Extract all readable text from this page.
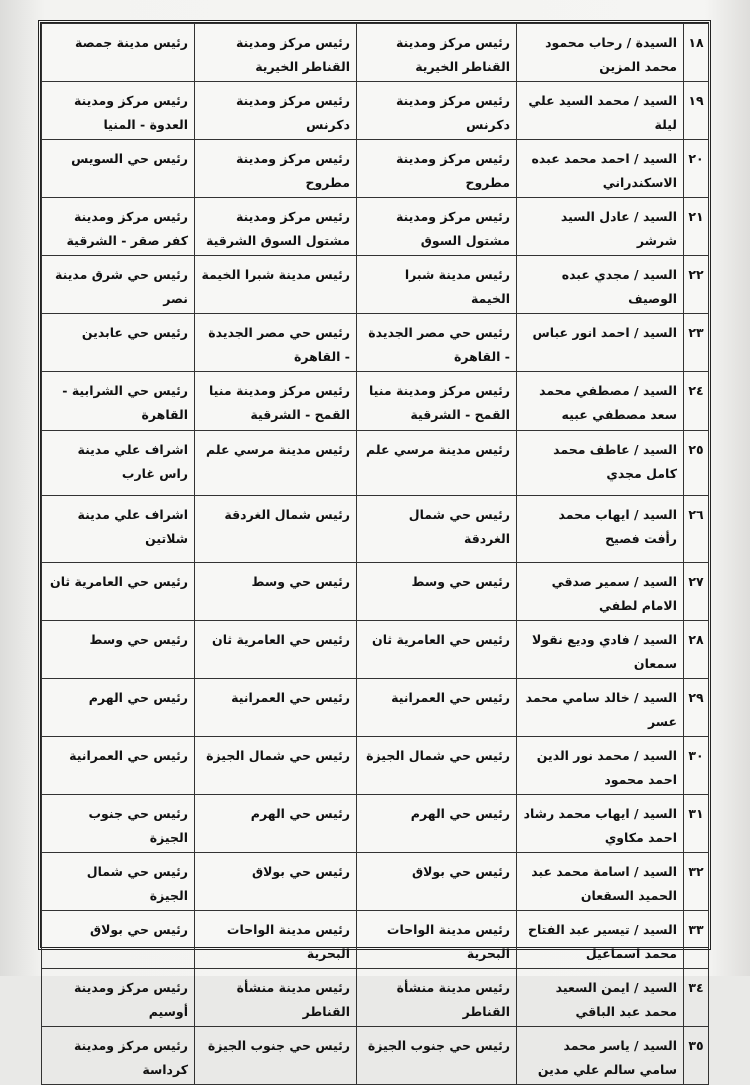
١٨	السيدة / رحاب محمود محمد المزين	رئيس مركز ومدينة القناطر الخيرية	رئيس مركز ومدينة القناطر الخيرية	رئيس مدينة جمصة
١٩	السيد / محمد السيد علي ليلة	رئيس مركز ومدينة دكرنس	رئيس مركز ومدينة دكرنس	رئيس مركز ومدينة العدوة - المنيا
٢٠	السيد / احمد محمد عبده الاسكندراني	رئيس مركز ومدينة مطروح	رئيس مركز ومدينة مطروح	رئيس حي السويس
٢١	السيد / عادل السيد شرشر	رئيس مركز ومدينة مشتول السوق	رئيس مركز ومدينة مشتول السوق الشرقية	رئيس مركز ومدينة كفر صقر - الشرقية
٢٢	السيد / مجدي عبده الوصيف	رئيس مدينة شبرا الخيمة	رئيس مدينة شبرا الخيمة	رئيس حي شرق مدينة نصر
٢٣	السيد / احمد انور عباس	رئيس حي مصر الجديدة - القاهرة	رئيس حي مصر الجديدة - القاهرة	رئيس حي عابدين
٢٤	السيد / مصطفي محمد سعد مصطفي عبيه	رئيس مركز ومدينة منيا القمح - الشرقية	رئيس مركز ومدينة منيا القمح - الشرقية	رئيس حي الشرابية - القاهرة
٢٥	السيد / عاطف محمد كامل مجدي	رئيس مدينة مرسي علم	رئيس مدينة مرسي علم	اشراف علي مدينة راس غارب
٢٦	السيد / ايهاب محمد رأفت فصيح	رئيس حي شمال الغردقة	رئيس شمال الغردقة	اشراف علي مدينة شلاتين
٢٧	السيد / سمير صدقي الامام لطفي	رئيس حي وسط	رئيس حي وسط	رئيس حي العامرية ثان
٢٨	السيد / فادي وديع نقولا سمعان	رئيس حي العامرية ثان	رئيس حي العامرية ثان	رئيس حي وسط
٢٩	السيد / خالد سامي محمد عسر	رئيس حي العمرانية	رئيس حي العمرانية	رئيس حي الهرم
٣٠	السيد / محمد نور الدين احمد محمود	رئيس حي شمال الجيزة	رئيس حي شمال الجيزة	رئيس حي العمرانية
٣١	السيد / ايهاب محمد رشاد احمد مكاوي	رئيس حي الهرم	رئيس حي الهرم	رئيس حي جنوب الجيزة
٣٢	السيد / اسامة محمد عبد الحميد السقعان	رئيس حي بولاق	رئيس حي بولاق	رئيس حي شمال الجيزة
٣٣	السيد / تيسير عبد الفتاح محمد اسماعيل	رئيس مدينة الواحات البحرية	رئيس مدينة الواحات البحرية	رئيس حي بولاق
٣٤	السيد / ايمن السعيد محمد عبد الباقي	رئيس مدينة منشأة القناطر	رئيس مدينة منشأة القناطر	رئيس مركز ومدينة أوسيم
٣٥	السيد / ياسر محمد سامي سالم علي مدين	رئيس حي جنوب الجيزة	رئيس حي جنوب الجيزة	رئيس مركز ومدينة كرداسة
